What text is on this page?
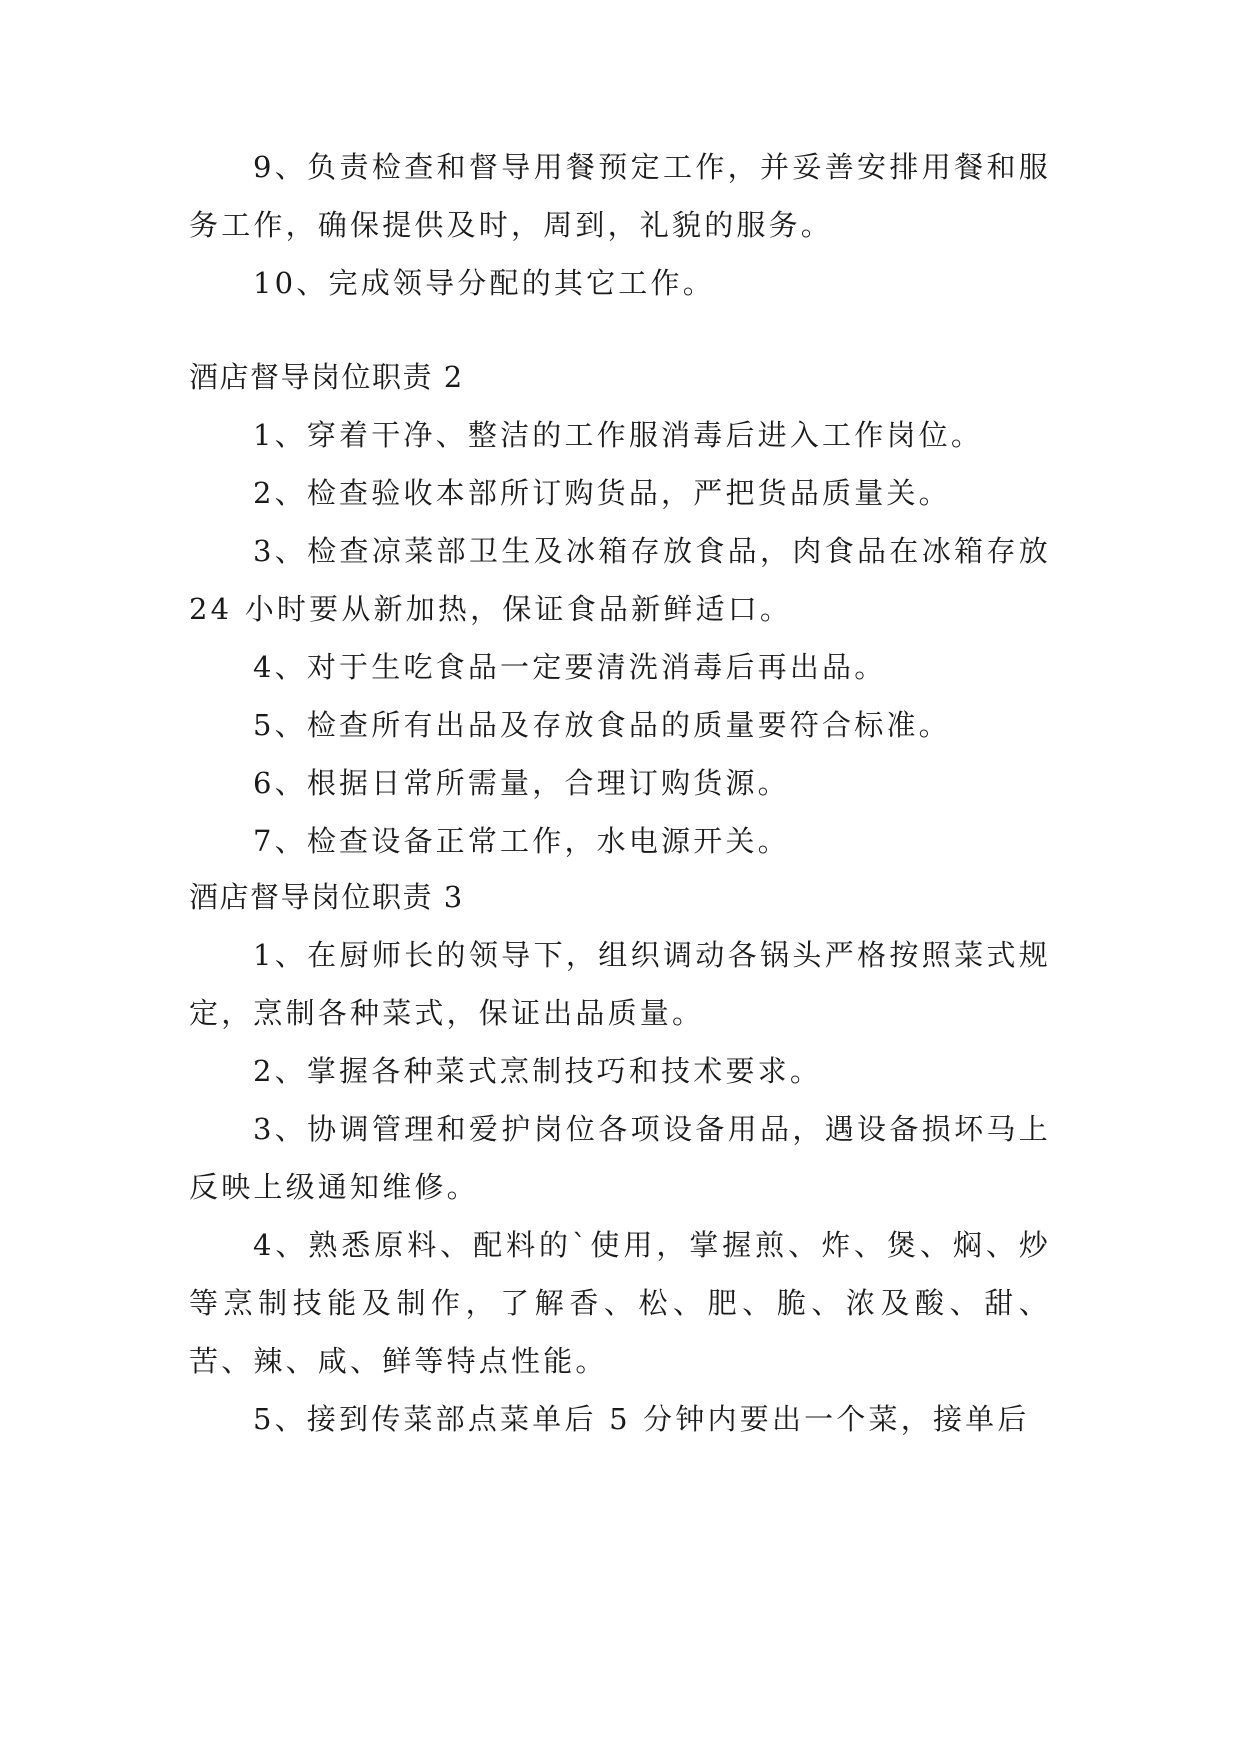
9、负责检查和督导用餐预定工作，并妥善安排用餐和服务工作，确保提供及时，周到，礼貌的服务。

10、完成领导分配的其它工作。

酒店督导岗位职责 2

1、穿着干净、整洁的工作服消毒后进入工作岗位。

2、检查验收本部所订购货品，严把货品质量关。

3、检查凉菜部卫生及冰箱存放食品，肉食品在冰箱存放 24 小时要从新加热，保证食品新鲜适口。

4、对于生吃食品一定要清洗消毒后再出品。

5、检查所有出品及存放食品的质量要符合标准。

6、根据日常所需量，合理订购货源。

7、检查设备正常工作，水电源开关。

酒店督导岗位职责 3

1、在厨师长的领导下，组织调动各锅头严格按照菜式规定，烹制各种菜式，保证出品质量。

2、掌握各种菜式烹制技巧和技术要求。

3、协调管理和爱护岗位各项设备用品，遇设备损坏马上反映上级通知维修。

4、熟悉原料、配料的`使用，掌握煎、炸、煲、焖、炒等烹制技能及制作，了解香、松、肥、脆、浓及酸、甜、苦、辣、咸、鲜等特点性能。

5、接到传菜部点菜单后 5 分钟内要出一个菜，接单后
